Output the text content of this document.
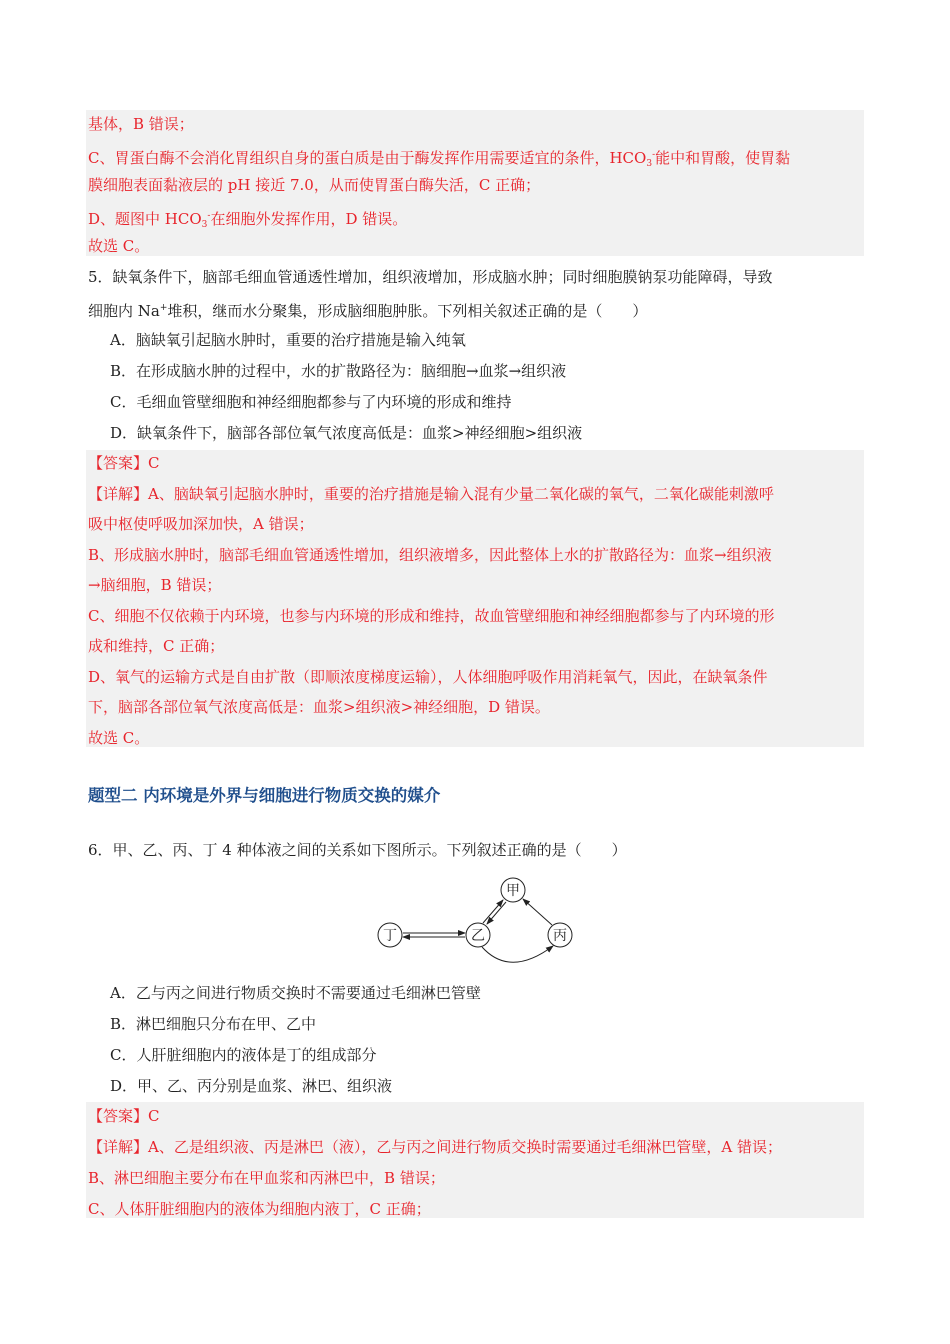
基体，B 错误；
C、胃蛋白酶不会消化胃组织自身的蛋白质是由于酶发挥作用需要适宜的条件，$HCO_3^-$能中和胃酸，使胃黏
膜细胞表面黏液层的 pH 接近 7.0，从而使胃蛋白酶失活，C 正确；
D、题图中 $HCO_3^-$在细胞外发挥作用，D 错误。
故选 C。
5．缺氧条件下，脑部毛细血管通透性增加，组织液增加，形成脑水肿；同时细胞膜钠泵功能障碍，导致
细胞内 Na+堆积，继而水分聚集，形成脑细胞肿胀。下列相关叙述正确的是（　　）
A．脑缺氧引起脑水肿时，重要的治疗措施是输入纯氧
B．在形成脑水肿的过程中，水的扩散路径为：脑细胞→血浆→组织液
C．毛细血管壁细胞和神经细胞都参与了内环境的形成和维持
D．缺氧条件下，脑部各部位氧气浓度高低是：血浆>神经细胞>组织液
【答案】C
【详解】A、脑缺氧引起脑水肿时，重要的治疗措施是输入混有少量二氧化碳的氧气，二氧化碳能刺激呼
吸中枢使呼吸加深加快，A 错误；
B、形成脑水肿时，脑部毛细血管通透性增加，组织液增多，因此整体上水的扩散路径为：血浆→组织液
→脑细胞，B 错误；
C、细胞不仅依赖于内环境，也参与内环境的形成和维持，故血管壁细胞和神经细胞都参与了内环境的形
成和维持，C 正确；
D、氧气的运输方式是自由扩散（即顺浓度梯度运输），人体细胞呼吸作用消耗氧气，因此，在缺氧条件
下，脑部各部位氧气浓度高低是：血浆>组织液>神经细胞，D 错误。
故选 C。
题型二 内环境是外界与细胞进行物质交换的媒介
6．甲、乙、丙、丁 4 种体液之间的关系如下图所示。下列叙述正确的是（　　）
甲
乙	丙
丁
A．乙与丙之间进行物质交换时不需要通过毛细淋巴管壁
B．淋巴细胞只分布在甲、乙中
C．人肝脏细胞内的液体是丁的组成部分
D．甲、乙、丙分别是血浆、淋巴、组织液
【答案】C
【详解】A、乙是组织液、丙是淋巴（液），乙与丙之间进行物质交换时需要通过毛细淋巴管壁，A 错误；
B、淋巴细胞主要分布在甲血浆和丙淋巴中，B 错误；
C、人体肝脏细胞内的液体为细胞内液丁，C 正确；
